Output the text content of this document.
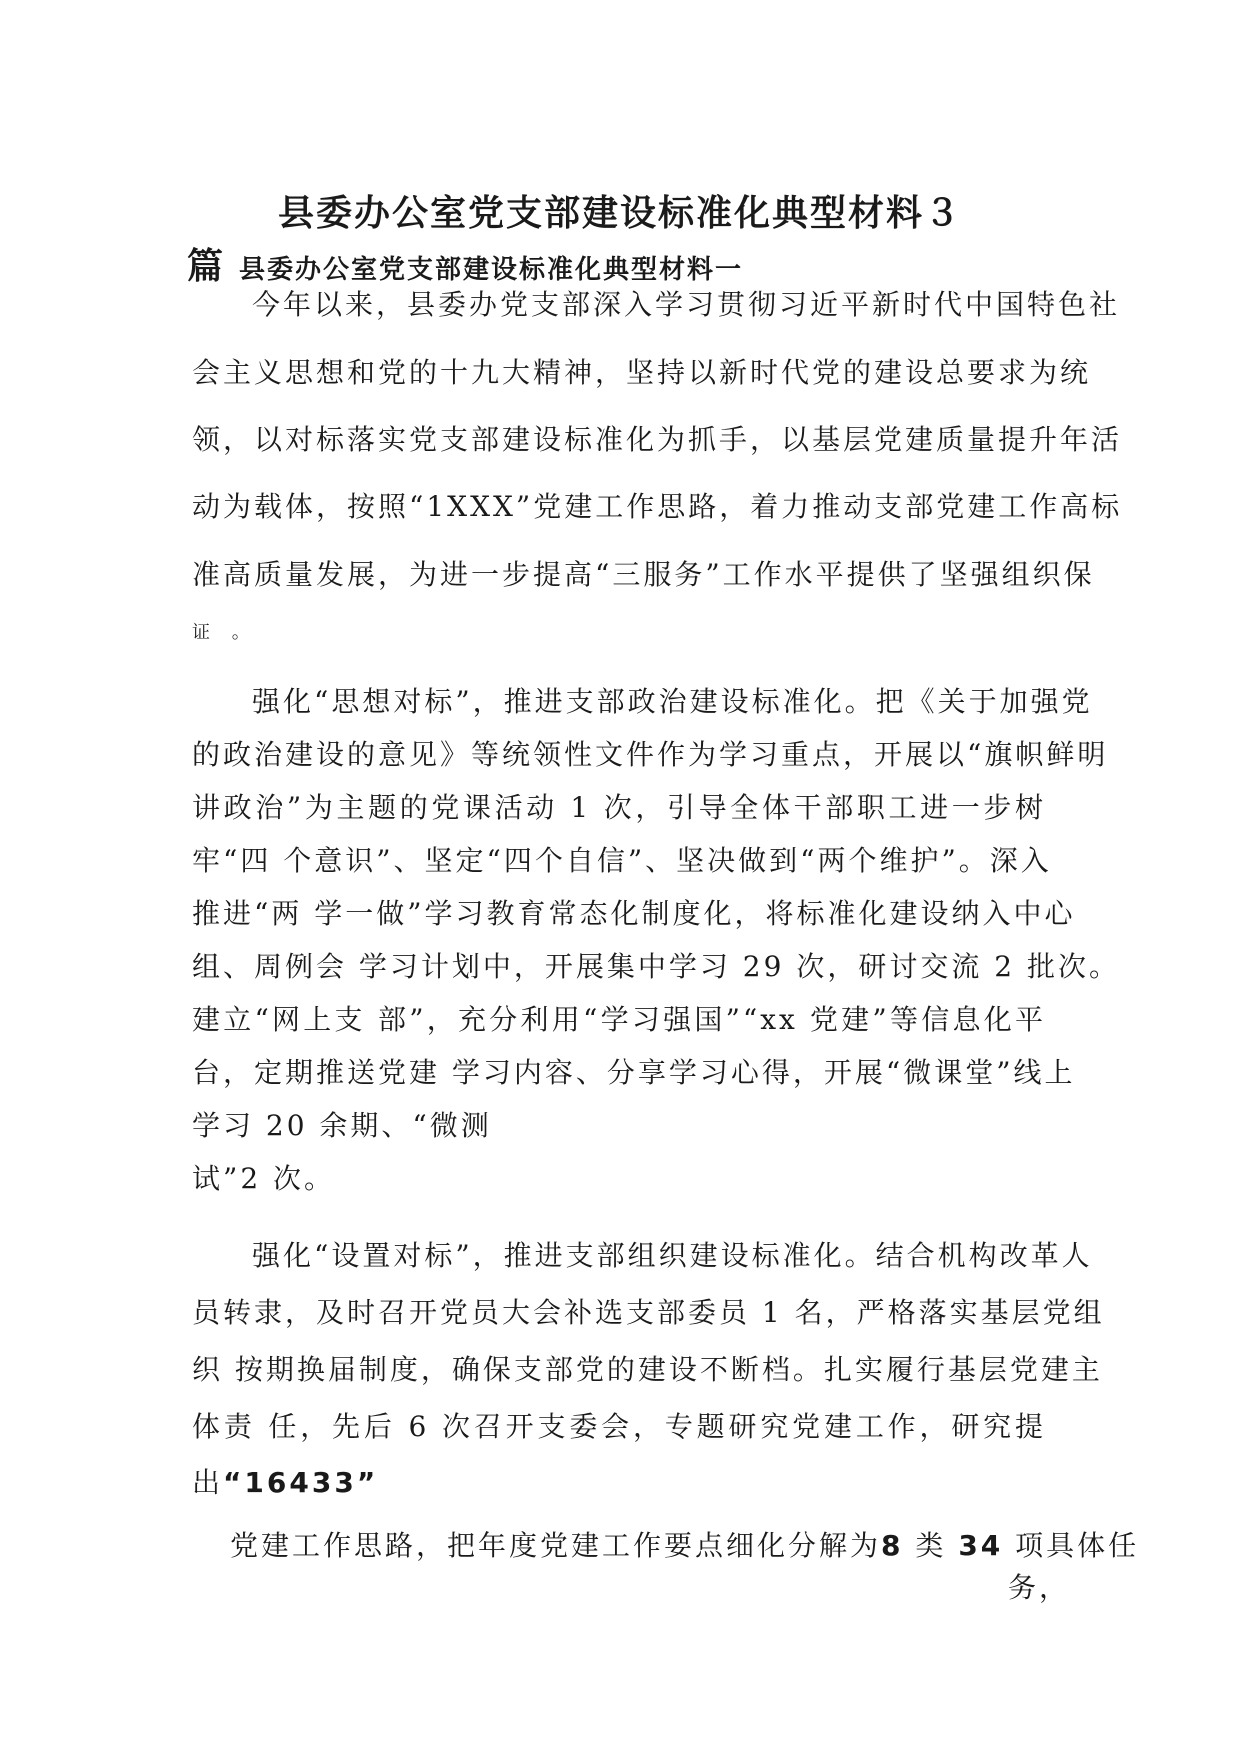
县委办公室党支部建设标准化典型材料３
篇 县委办公室党支部建设标准化典型材料一
今年以来，县委办党支部深入学习贯彻习近平新时代中国特色社
会主义思想和党的十九大精神，坚持以新时代党的建设总要求为统
领，以对标落实党支部建设标准化为抓手，以基层党建质量提升年活
动为载体，按照“1XXX”党建工作思路，着力推动支部党建工作高标
准高质量发展，为进一步提高“三服务”工作水平提供了坚强组织保
证 。
强化“思想对标”，推进支部政治建设标准化。把《关于加强党
的政治建设的意见》等统领性文件作为学习重点，开展以“旗帜鲜明
讲政治”为主题的党课活动 1 次，引导全体干部职工进一步树
牢“四 个意识”、坚定“四个自信”、坚决做到“两个维护”。深入
推进“两 学一做”学习教育常态化制度化，将标准化建设纳入中心
组、周例会 学习计划中，开展集中学习 29 次，研讨交流 2 批次。
建立“网上支 部”，充分利用“学习强国”“xx 党建”等信息化平
台，定期推送党建 学习内容、分享学习心得，开展“微课堂”线上
学习 20 余期、“微测
试”2 次。
强化“设置对标”，推进支部组织建设标准化。结合机构改革人
员转隶，及时召开党员大会补选支部委员 1 名，严格落实基层党组
织 按期换届制度，确保支部党的建设不断档。扎实履行基层党建主
体责 任，先后 6 次召开支委会，专题研究党建工作，研究提
出“16433”
党建工作思路，把年度党建工作要点细化分解为8 类 34 项具体任
务，
